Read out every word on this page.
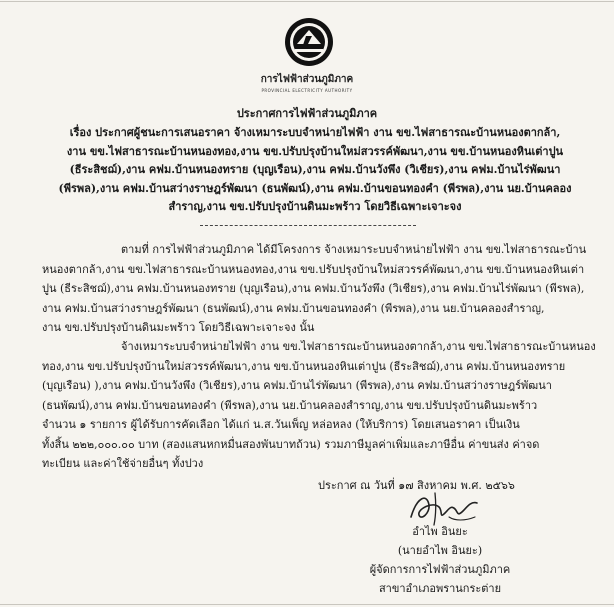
การไฟฟ้าส่วนภูมิภาค
PROVINCIAL ELECTRICITY AUTHORITY
ประกาศการไฟฟ้าส่วนภูมิภาค
เรื่อง ประกาศผู้ชนะการเสนอราคา จ้างเหมาระบบจำหน่ายไฟฟ้า งาน ขข.ไฟสาธารณะบ้านหนองตากล้า,
งาน ขข.ไฟสาธารณะบ้านหนองทอง,งาน ขข.ปรับปรุงบ้านใหม่สวรรค์พัฒนา,งาน ขข.บ้านหนองหินเต่าปูน
(ธีระสิชฌ์),งาน คฟม.บ้านหนองทราย (บุญเรือน),งาน คฟม.บ้านวังพึง (วิเชียร),งาน คฟม.บ้านไร่พัฒนา
(พีรพล),งาน คฟม.บ้านสว่างราษฎร์พัฒนา (ธนพัฒน์),งาน คฟม.บ้านขอนทองคำ (พีรพล),งาน นย.บ้านคลอง
สำราญ,งาน ขข.ปรับปรุงบ้านดินมะพร้าว โดยวิธีเฉพาะเจาะจง
ตามที่ การไฟฟ้าส่วนภูมิภาค ได้มีโครงการ จ้างเหมาระบบจำหน่ายไฟฟ้า งาน ขข.ไฟสาธารณะบ้าน
หนองตากล้า,งาน ขข.ไฟสาธารณะบ้านหนองทอง,งาน ขข.ปรับปรุงบ้านใหม่สวรรค์พัฒนา,งาน ขข.บ้านหนองหินเต่า
ปูน (ธีระสิชฌ์),งาน คฟม.บ้านหนองทราย (บุญเรือน),งาน คฟม.บ้านวังพึง (วิเชียร),งาน คฟม.บ้านไร่พัฒนา (พีรพล),
งาน คฟม.บ้านสว่างราษฎร์พัฒนา (ธนพัฒน์),งาน คฟม.บ้านขอนทองคำ (พีรพล),งาน นย.บ้านคลองสำราญ,
งาน ขข.ปรับปรุงบ้านดินมะพร้าว โดยวิธีเฉพาะเจาะจง นั้น
จ้างเหมาระบบจำหน่ายไฟฟ้า งาน ขข.ไฟสาธารณะบ้านหนองตากล้า,งาน ขข.ไฟสาธารณะบ้านหนอง
ทอง,งาน ขข.ปรับปรุงบ้านใหม่สวรรค์พัฒนา,งาน ขข.บ้านหนองหินเต่าปูน (ธีระสิชฌ์),งาน คฟม.บ้านหนองทราย
(บุญเรือน) ),งาน คฟม.บ้านวังพึง (วิเชียร),งาน คฟม.บ้านไร่พัฒนา (พีรพล),งาน คฟม.บ้านสว่างราษฎร์พัฒนา
(ธนพัฒน์),งาน คฟม.บ้านขอนทองคำ (พีรพล),งาน นย.บ้านคลองสำราญ,งาน ขข.ปรับปรุงบ้านดินมะพร้าว
จำนวน ๑ รายการ ผู้ได้รับการคัดเลือก ได้แก่ น.ส.วันเพ็ญ หล่อหลง (ให้บริการ) โดยเสนอราคา เป็นเงิน
ทั้งสิ้น ๒๒๒,๐๐๐.๐๐ บาท (สองแสนหกหมื่นสองพันบาทถ้วน) รวมภาษีมูลค่าเพิ่มและภาษีอื่น ค่าขนส่ง ค่าจด
ทะเบียน และค่าใช้จ่ายอื่นๆ ทั้งปวง
ประกาศ ณ วันที่ ๑๗ สิงหาคม พ.ศ. ๒๕๖๖
อำไพ อินยะ
(นายอำไพ อินยะ)
ผู้จัดการการไฟฟ้าส่วนภูมิภาค
สาขาอำเภอพรานกระต่าย
